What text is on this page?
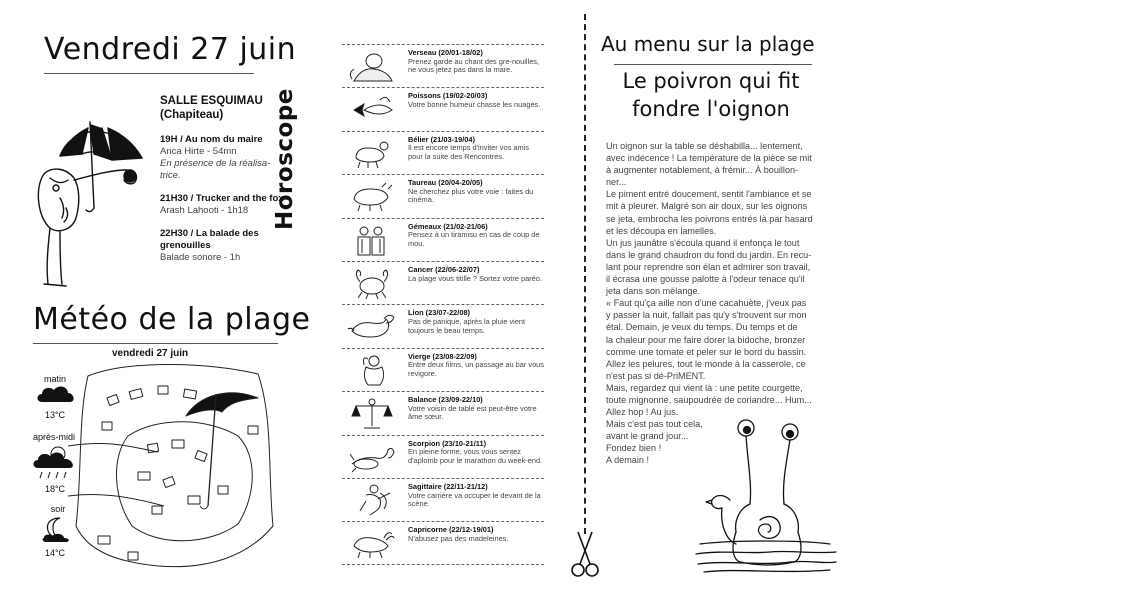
Vendredi 27 juin
SALLE ESQUIMAU
(Chapiteau)
19H / Au nom du maire
Anca Hirte - 54mn
En présence de la réalisa-
trice.
21H30 / Trucker and the fox
Arash Lahooti - 1h18
22H30 / La balade des grenouilles
Balade sonore - 1h
Météo de la plage
vendredi 27 juin
matin
13°C
après-midi
18°C
soir
14°C
Horoscope
Verseau (20/01-18/02)
Prenez garde au chant des gre-nouilles, ne vous jetez pas dans la mare.
Poissons (19/02-20/03)
Votre bonne humeur chasse les nuages.
Bélier (21/03-19/04)
Il est encore temps d'inviter vos amis pour la suite des Rencontres.
Taureau (20/04-20/05)
Ne cherchez plus votre voie : faites du cinéma.
Gémeaux (21/02-21/06)
Pensez à un tiramisu en cas de coup de mou.
Cancer (22/06-22/07)
La plage vous titille ? Sortez votre paréo.
Lion (23/07-22/08)
Pas de panique, après la pluie vient toujours le beau temps.
Vierge (23/08-22/09)
Entre deux films, un passage au bar vous revigore.
Balance (23/09-22/10)
Votre voisin de table est peut-être votre âme sœur.
Scorpion (23/10-21/11)
En pleine forme, vous vous sentez d'aplomb pour le marathon du week-end.
Sagittaire (22/11-21/12)
Votre carrière va occuper le devant de la scène.
Capricorne (22/12-19/01)
N'abusez pas des madeleines.
Au menu sur la plage
Le poivron qui fit
fondre l'oignon

Un oignon sur la table se déshabilla... lentement,

avec indécence ! La température de la pièce se mit

à augmenter notablement, à frémir... À bouillon-

ner...

Le piment entré doucement, sentit l'ambiance et se

mit à pleurer. Malgré son air doux, sur les oignons

se jeta, embrocha les poivrons entrés là par hasard

et les découpa en lamelles.

Un jus jaunâtre s'écoula quand il enfonça le tout

dans le grand chaudron du fond du jardin. En recu-

lant pour reprendre son élan et admirer son travail,

il écrasa une gousse palotte à l'odeur tenace qu'il

jeta dans son mélange.

« Faut qu'ça aille non d'une cacahuète, j'veux pas

y passer la nuit, fallait pas qu'y s'trouvent sur mon

étal. Demain, je veux du temps. Du temps et de

la chaleur pour me faire dorer la bidoche, bronzer

comme une tomate et peler sur le bord du bassin.

Allez les pelures, tout le monde à la casserole, ce

n'est pas si dé-PriMENT.

Mais, regardez qui vient là : une petite courgette,

toute mignonne, saupoudrée de coriandre... Hum...

Allez hop ! Au jus.

Mais c'est pas tout cela,

avant le grand jour...

Fondez bien !

A demain !
